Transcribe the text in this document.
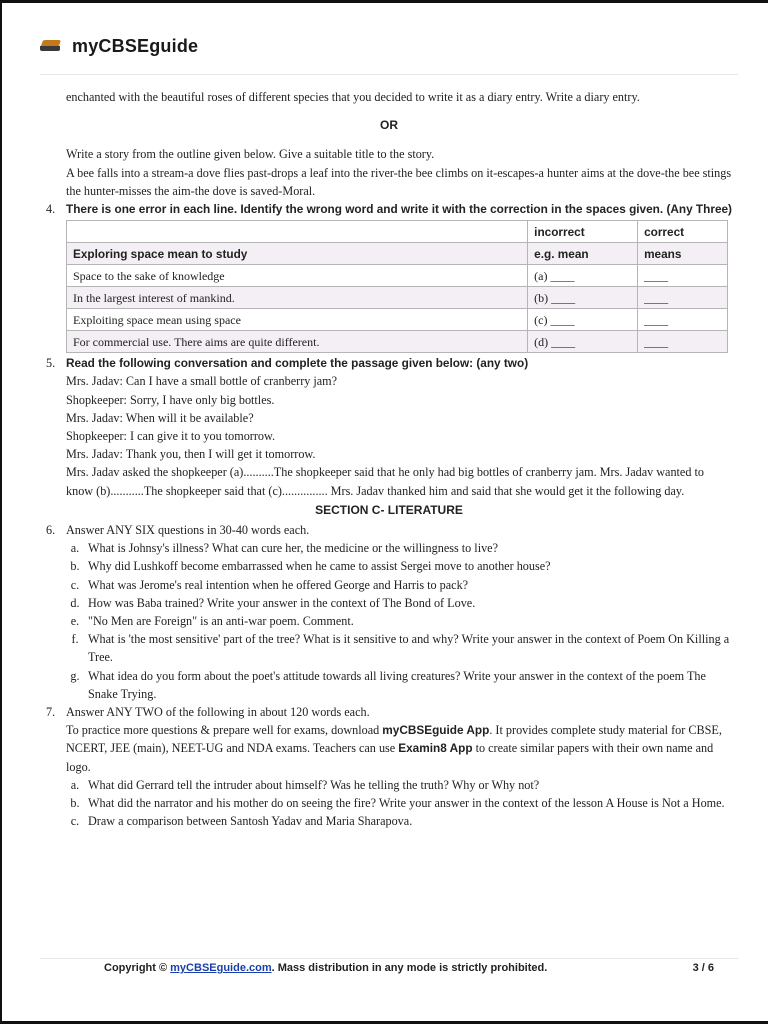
myCBSEguide
enchanted with the beautiful roses of different species that you decided to write it as a diary entry. Write a diary entry.
OR
Write a story from the outline given below. Give a suitable title to the story.
A bee falls into a stream-a dove flies past-drops a leaf into the river-the bee climbs on it-escapes-a hunter aims at the dove-the bee stings the hunter-misses the aim-the dove is saved-Moral.
4. There is one error in each line. Identify the wrong word and write it with the correction in the spaces given. (Any Three)
	incorrect	correct
Exploring space mean to study	e.g. mean	means
Space to the sake of knowledge	(a) ____	____
In the largest interest of mankind.	(b) ____	____
Exploiting space mean using space	(c) ____	____
For commercial use. There aims are quite different.	(d) ____	____
5. Read the following conversation and complete the passage given below: (any two)
Mrs. Jadav: Can I have a small bottle of cranberry jam?
Shopkeeper: Sorry, I have only big bottles.
Mrs. Jadav: When will it be available?
Shopkeeper: I can give it to you tomorrow.
Mrs. Jadav: Thank you, then I will get it tomorrow.
Mrs. Jadav asked the shopkeeper (a)..........The shopkeeper said that he only had big bottles of cranberry jam. Mrs. Jadav wanted to know (b)...........The shopkeeper said that (c)............... Mrs. Jadav thanked him and said that she would get it the following day.
SECTION C- LITERATURE
6. Answer ANY SIX questions in 30-40 words each.
a. What is Johnsy's illness? What can cure her, the medicine or the willingness to live?
b. Why did Lushkoff become embarrassed when he came to assist Sergei move to another house?
c. What was Jerome's real intention when he offered George and Harris to pack?
d. How was Baba trained? Write your answer in the context of The Bond of Love.
e. "No Men are Foreign" is an anti-war poem. Comment.
f. What is 'the most sensitive' part of the tree? What is it sensitive to and why? Write your answer in the context of Poem On Killing a Tree.
g. What idea do you form about the poet's attitude towards all living creatures? Write your answer in the context of the poem The Snake Trying.
7. Answer ANY TWO of the following in about 120 words each.
To practice more questions & prepare well for exams, download myCBSEguide App. It provides complete study material for CBSE, NCERT, JEE (main), NEET-UG and NDA exams. Teachers can use Examin8 App to create similar papers with their own name and logo.
a. What did Gerrard tell the intruder about himself? Was he telling the truth? Why or Why not?
b. What did the narrator and his mother do on seeing the fire? Write your answer in the context of the lesson A House is Not a Home.
c. Draw a comparison between Santosh Yadav and Maria Sharapova.
Copyright © myCBSEguide.com. Mass distribution in any mode is strictly prohibited.	3 / 6
